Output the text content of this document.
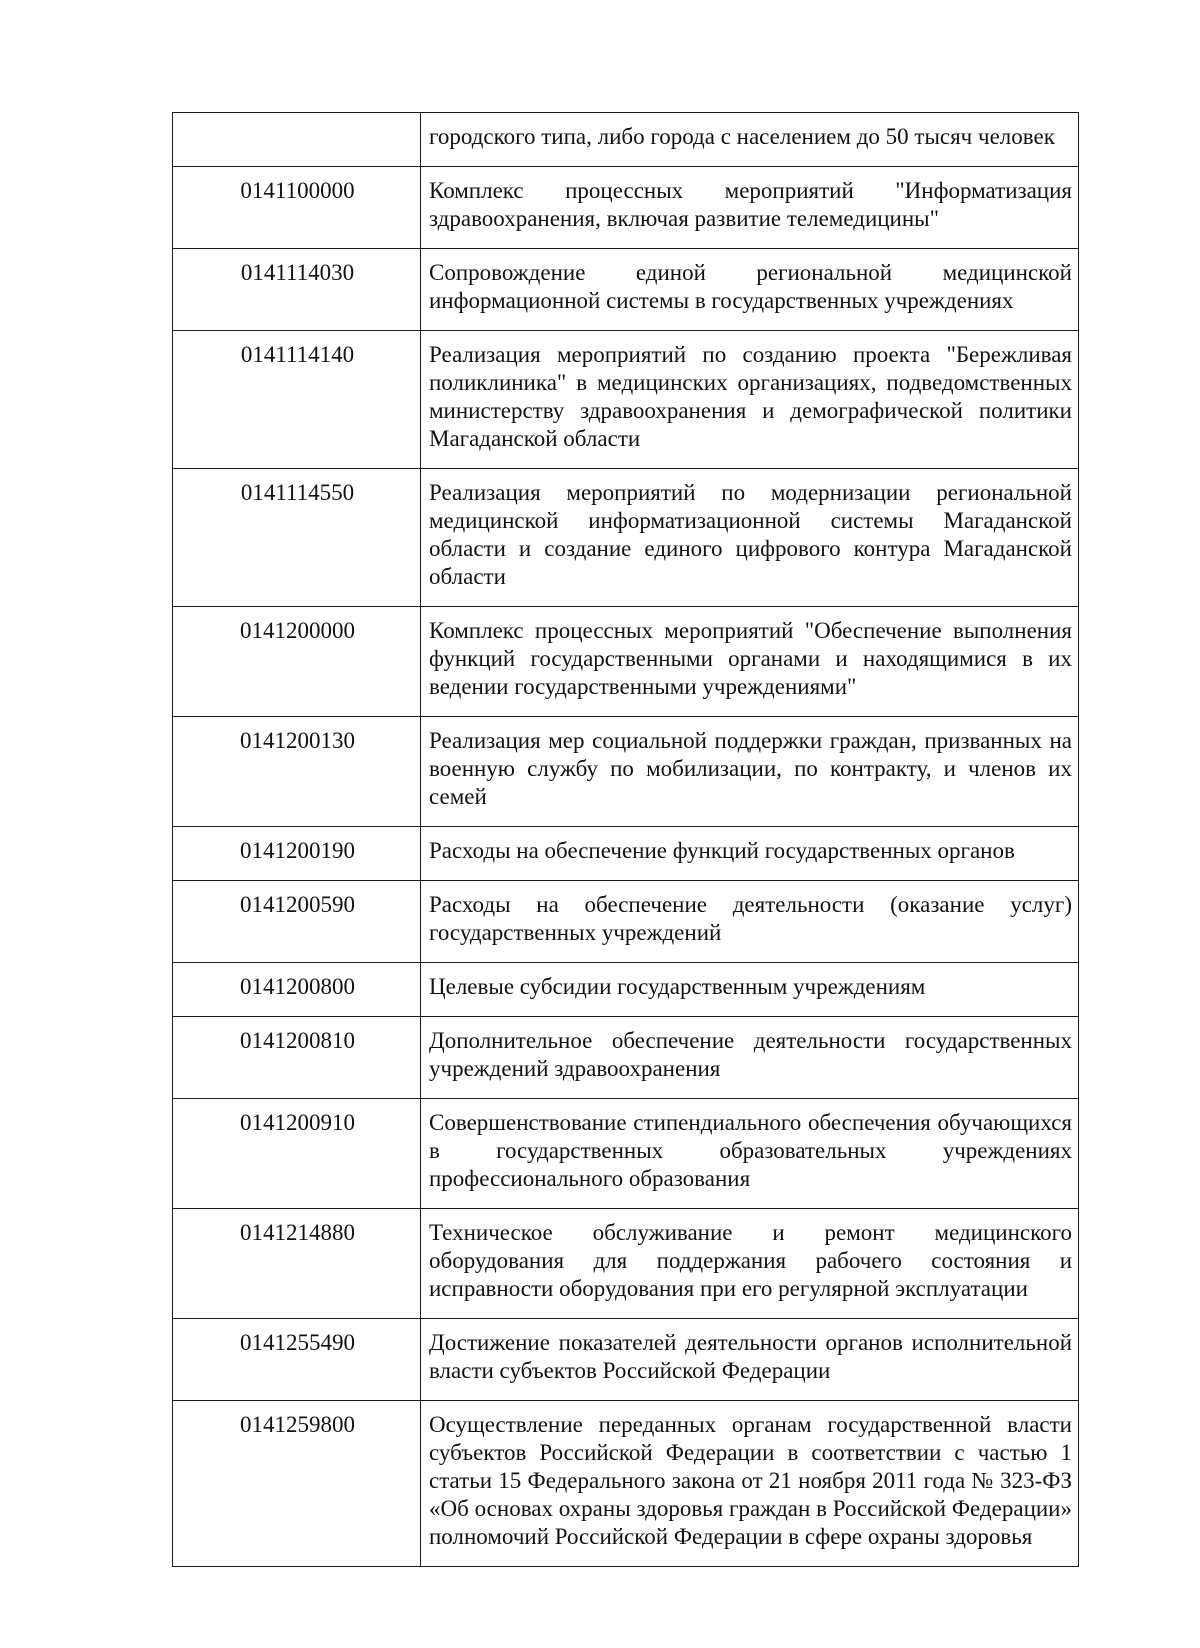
	городского типа, либо города с населением до 50 тысяч человек
0141100000	Комплекс процессных мероприятий "Информатизация здравоохранения, включая развитие телемедицины"
0141114030	Сопровождение единой региональной медицинской информационной системы в государственных учреждениях
0141114140	Реализация мероприятий по созданию проекта "Бережливая поликлиника" в медицинских организациях, подведомственных министерству здравоохранения и демографической политики Магаданской области
0141114550	Реализация мероприятий по модернизации региональной медицинской информатизационной системы Магаданской области и создание единого цифрового контура Магаданской области
0141200000	Комплекс процессных мероприятий "Обеспечение выполнения функций государственными органами и находящимися в их ведении государственными учреждениями"
0141200130	Реализация мер социальной поддержки граждан, призванных на военную службу по мобилизации, по контракту, и членов их семей
0141200190	Расходы на обеспечение функций государственных органов
0141200590	Расходы на обеспечение деятельности (оказание услуг) государственных учреждений
0141200800	Целевые субсидии государственным учреждениям
0141200810	Дополнительное обеспечение деятельности государственных учреждений здравоохранения
0141200910	Совершенствование стипендиального обеспечения обучающихся в государственных образовательных учреждениях профессионального образования
0141214880	Техническое обслуживание и ремонт медицинского оборудования для поддержания рабочего состояния и исправности оборудования при его регулярной эксплуатации
0141255490	Достижение показателей деятельности органов исполнительной власти субъектов Российской Федерации
0141259800	Осуществление переданных органам государственной власти субъектов Российской Федерации в соответствии с частью 1 статьи 15 Федерального закона от 21 ноября 2011 года № 323-ФЗ «Об основах охраны здоровья граждан в Российской Федерации» полномочий Российской Федерации в сфере охраны здоровья
